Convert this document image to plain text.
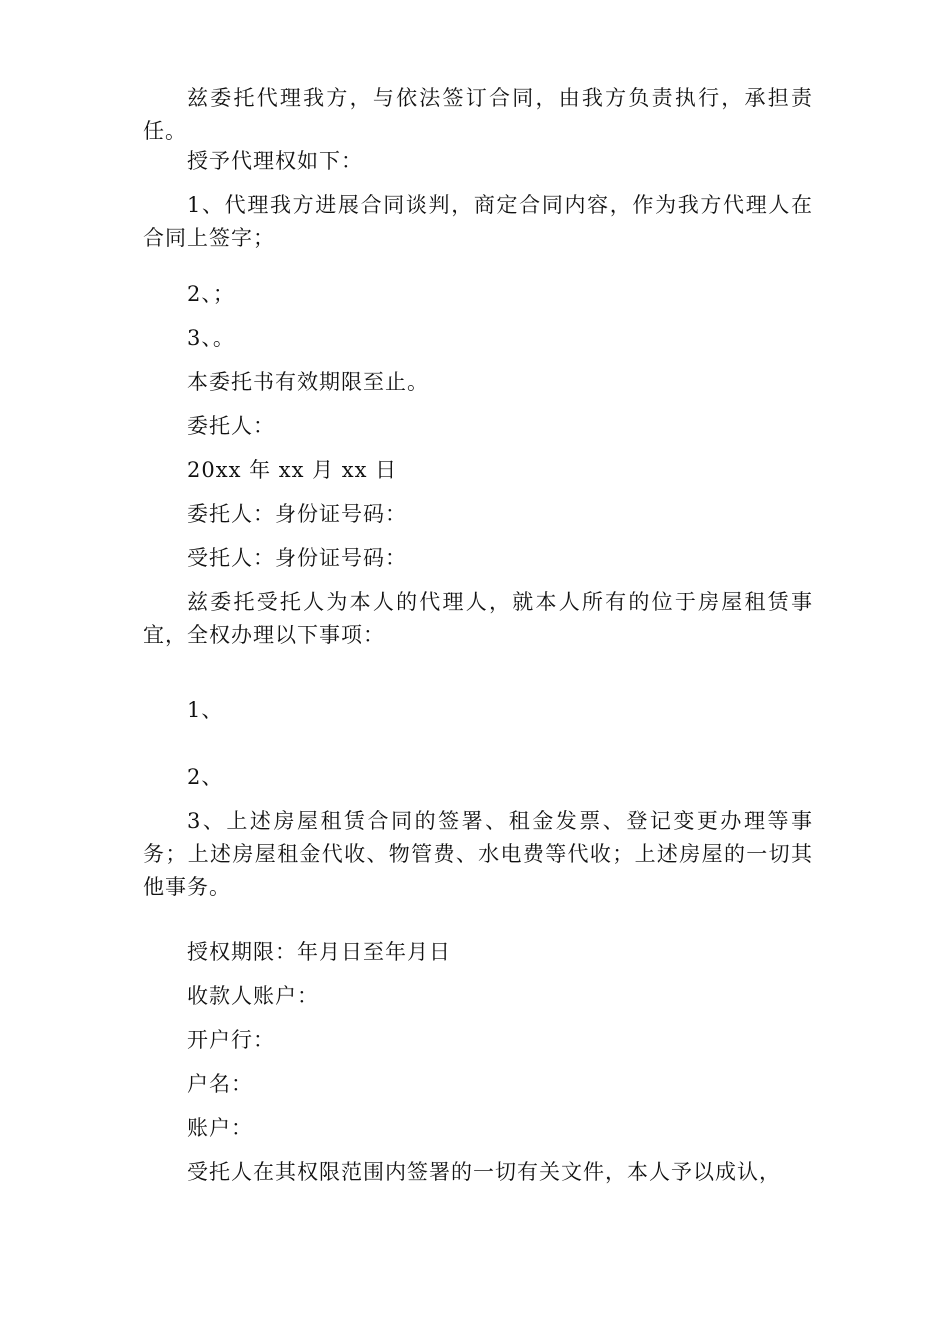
兹委托代理我方，与依法签订合同，由我方负责执行，承担责任。

授予代理权如下：

1、代理我方进展合同谈判，商定合同内容，作为我方代理人在合同上签字；

2、；

3、。

本委托书有效期限至止。

委托人：

20xx 年 xx 月 xx 日

委托人：身份证号码：

受托人：身份证号码：

兹委托受托人为本人的代理人，就本人所有的位于房屋租赁事宜，全权办理以下事项：

1、

2、

3、上述房屋租赁合同的签署、租金发票、登记变更办理等事务；上述房屋租金代收、物管费、水电费等代收；上述房屋的一切其他事务。

授权期限：年月日至年月日

收款人账户：

开户行：

户名：

账户：

受托人在其权限范围内签署的一切有关文件，本人予以成认，
